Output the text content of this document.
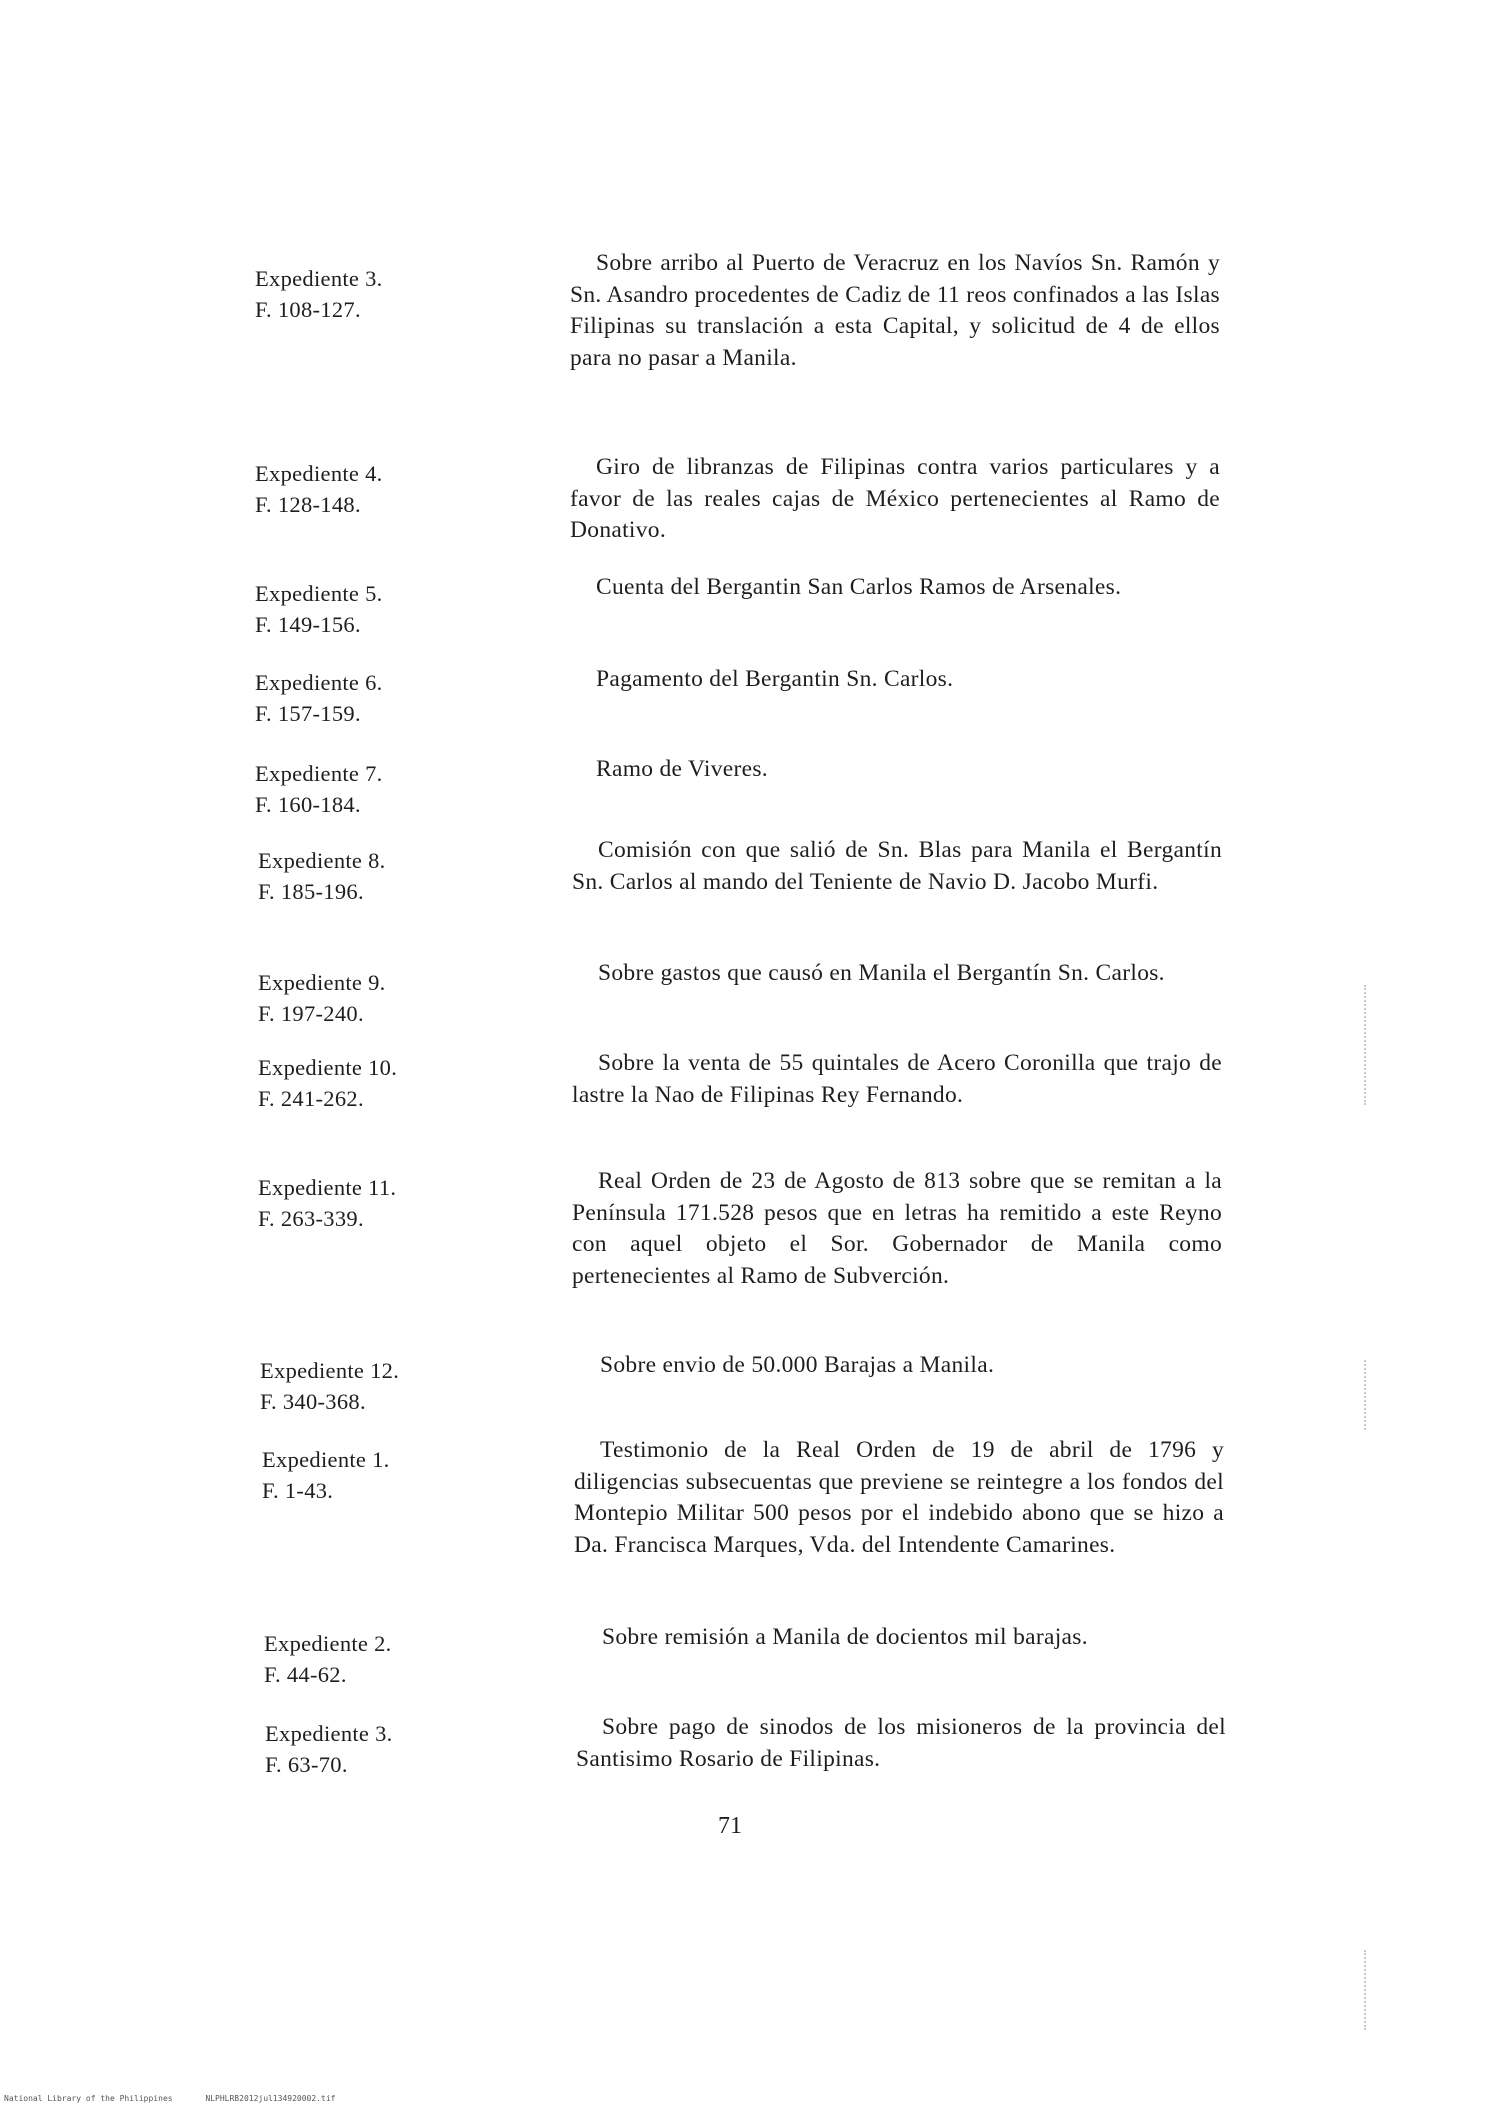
Expediente 3.
F. 108-127.
Sobre arribo al Puerto de Veracruz en los Navíos Sn. Ramón y Sn. Asandro procedentes de Cadiz de 11 reos confinados a las Islas Filipinas su translación a esta Capital, y solicitud de 4 de ellos para no pasar a Manila.
Expediente 4.
F. 128-148.
Giro de libranzas de Filipinas contra varios particulares y a favor de las reales cajas de México pertenecientes al Ramo de Donativo.
Expediente 5.
F. 149-156.
Cuenta del Bergantin San Carlos Ramos de Arsenales.
Expediente 6.
F. 157-159.
Pagamento del Bergantin Sn. Carlos.
Expediente 7.
F. 160-184.
Ramo de Viveres.
Expediente 8.
F. 185-196.
Comisión con que salió de Sn. Blas para Manila el Bergantín Sn. Carlos al mando del Teniente de Navio D. Jacobo Murfi.
Expediente 9.
F. 197-240.
Sobre gastos que causó en Manila el Bergantín Sn. Carlos.
Expediente 10.
F. 241-262.
Sobre la venta de 55 quintales de Acero Coronilla que trajo de lastre la Nao de Filipinas Rey Fernando.
Expediente 11.
F. 263-339.
Real Orden de 23 de Agosto de 813 sobre que se remitan a la Península 171.528 pesos que en letras ha remitido a este Reyno con aquel objeto el Sor. Gobernador de Manila como pertenecientes al Ramo de Subverción.
Expediente 12.
F. 340-368.
Sobre envio de 50.000 Barajas a Manila.
Expediente 1.
F. 1-43.
Testimonio de la Real Orden de 19 de abril de 1796 y diligencias subsecuentas que previene se reintegre a los fondos del Montepio Militar 500 pesos por el indebido abono que se hizo a Da. Francisca Marques, Vda. del Intendente Camarines.
Expediente 2.
F. 44-62.
Sobre remisión a Manila de docientos mil barajas.
Expediente 3.
F. 63-70.
Sobre pago de sinodos de los misioneros de la provincia del Santisimo Rosario de Filipinas.
71
National Library of the Philippines	NLPHLRB2012jul134920002.tif
